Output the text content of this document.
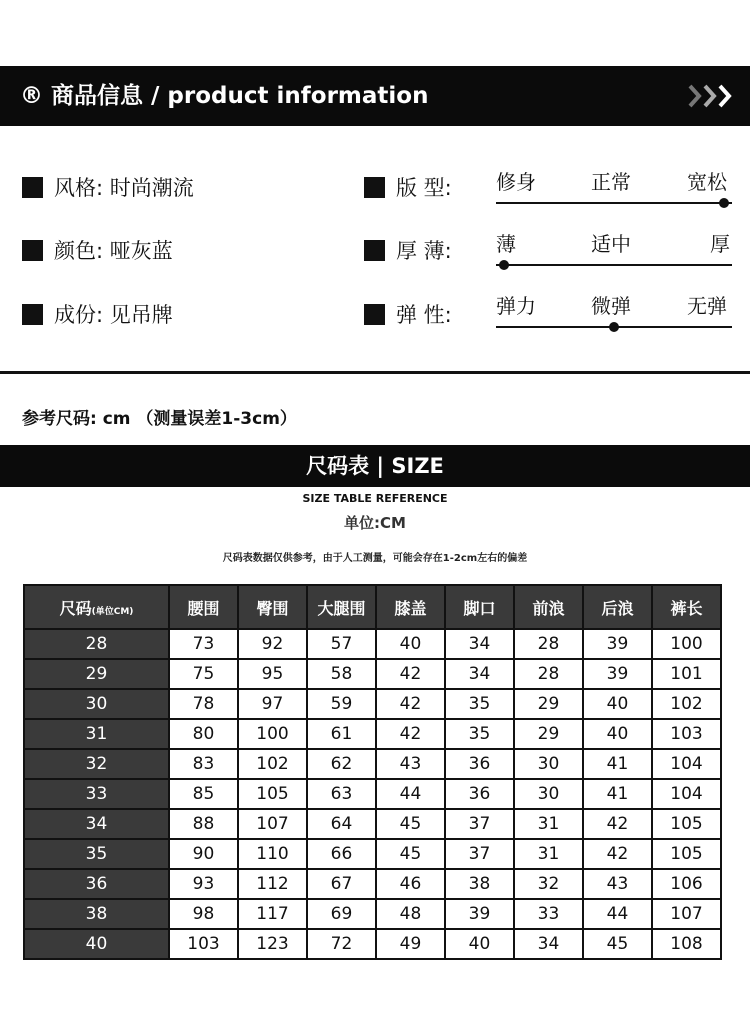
® 商品信息 / product information
风格: 时尚潮流
颜色: 哑灰蓝
成份: 见吊牌
版 型: 修身	正常	宽松
厚 薄: 薄	适中	厚
弹 性: 弹力	微弹	无弹
参考尺码: cm （测量误差1-3cm）
尺码表 | SIZE
SIZE TABLE REFERENCE
单位:CM
尺码表数据仅供参考，由于人工测量，可能会存在1-2cm左右的偏差
尺码(单位CM)	腰围	臀围	大腿围	膝盖	脚口	前浪	后浪	裤长
28	73	92	57	40	34	28	39	100
29	75	95	58	42	34	28	39	101
30	78	97	59	42	35	29	40	102
31	80	100	61	42	35	29	40	103
32	83	102	62	43	36	30	41	104
33	85	105	63	44	36	30	41	104
34	88	107	64	45	37	31	42	105
35	90	110	66	45	37	31	42	105
36	93	112	67	46	38	32	43	106
38	98	117	69	48	39	33	44	107
40	103	123	72	49	40	34	45	108
